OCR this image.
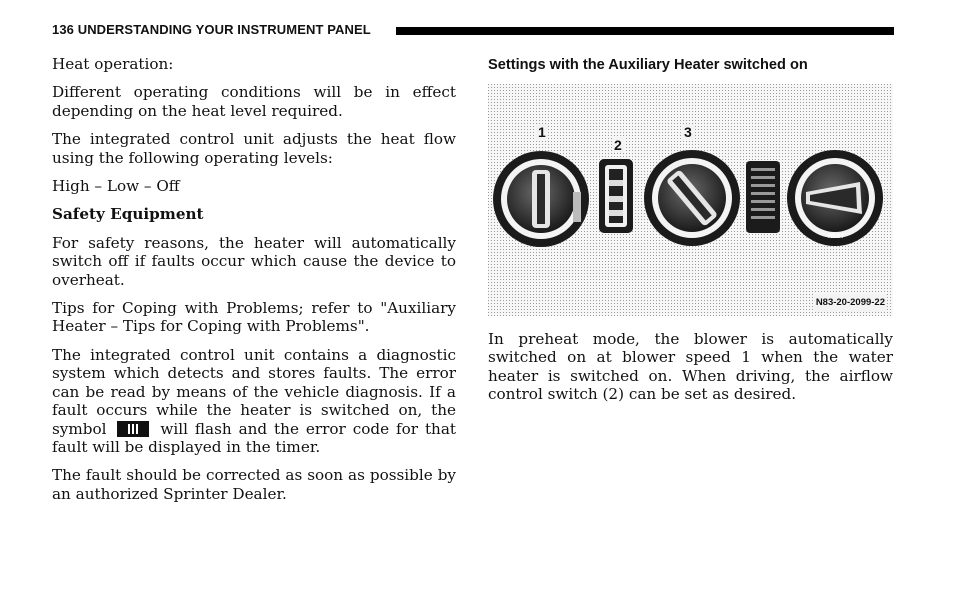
136 UNDERSTANDING YOUR INSTRUMENT PANEL

Heat operation:

Different operating conditions will be in effect depending on the heat level required.

The integrated control unit adjusts the heat flow using the following operating levels:

High – Low – Off

Safety Equipment

For safety reasons, the heater will automatically switch off if faults occur which cause the device to overheat.

Tips for Coping with Problems; refer to "Auxiliary Heater – Tips for Coping with Problems".

The integrated control unit contains a diagnostic system which detects and stores faults. The error can be read by means of the vehicle diagnosis. If a fault occurs while the heater is switched on, the symbol	will flash and the error code for that fault will be displayed in the timer.

The fault should be corrected as soon as possible by an authorized Sprinter Dealer.

Settings with the Auxiliary Heater switched on
1
2
3
REST
N83-20-2099-22

In preheat mode, the blower is automatically switched on at blower speed 1 when the water heater is switched on. When driving, the airflow control switch (2) can be set as desired.
